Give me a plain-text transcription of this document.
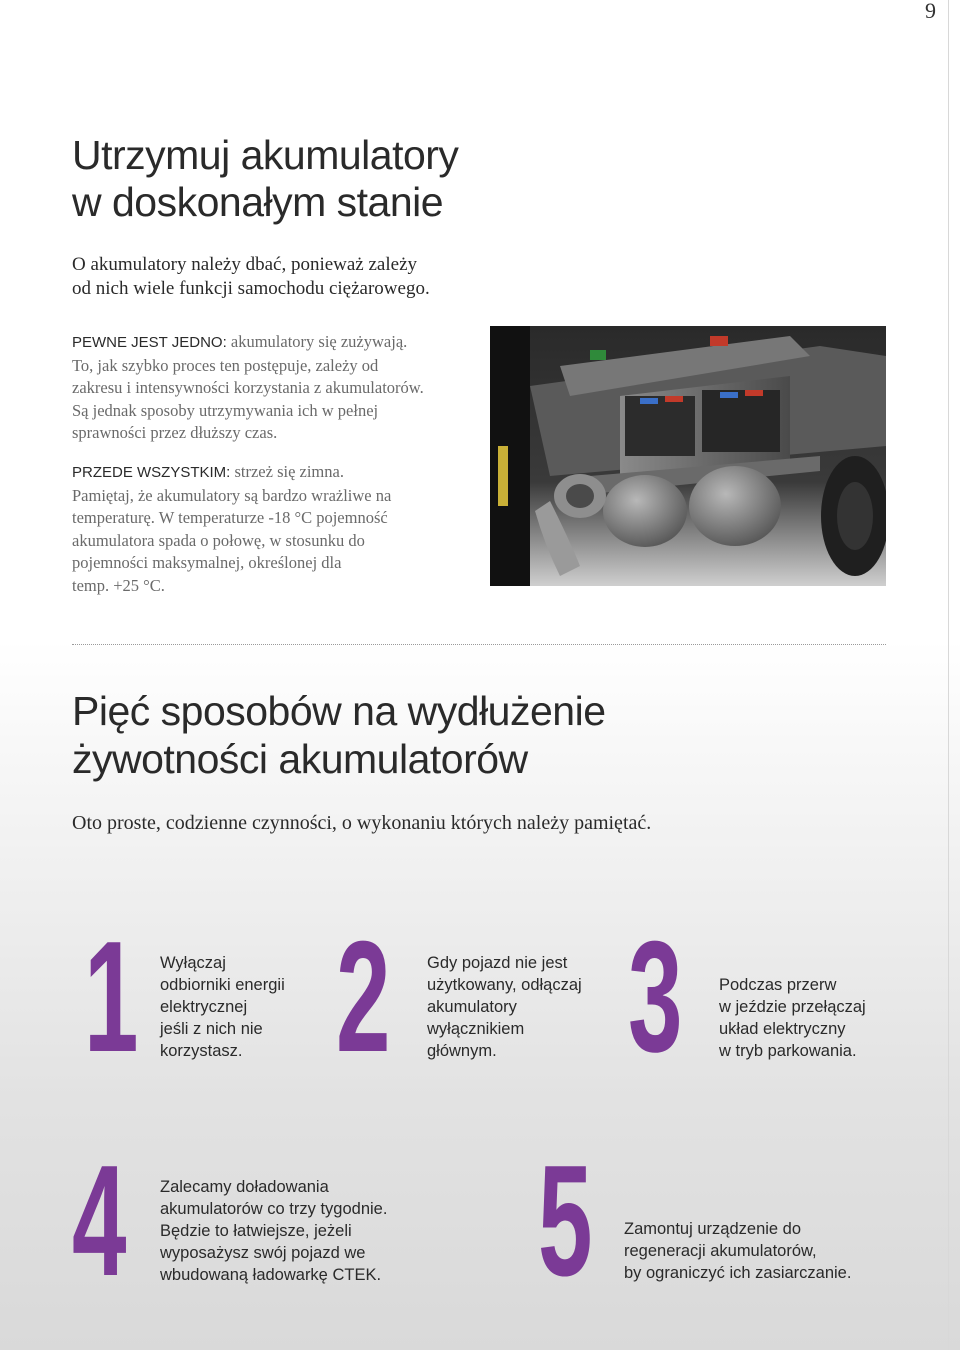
9
Utrzymuj akumulatory
w doskonałym stanie
O akumulatory należy dbać, ponieważ zależy
od nich wiele funkcji samochodu ciężarowego.
PEWNE JEST JEDNO: akumulatory się zużywają.
To, jak szybko proces ten postępuje, zależy od
zakresu i intensywności korzystania z akumulatorów.
Są jednak sposoby utrzymywania ich w pełnej
sprawności przez dłuższy czas.
PRZEDE WSZYSTKIM: strzeż się zimna.
Pamiętaj, że akumulatory są bardzo wrażliwe na
temperaturę. W temperaturze -18 °C pojemność
akumulatora spada o połowę, w stosunku do
pojemności maksymalnej, określonej dla
temp. +25 °C.
Pięć sposobów na wydłużenie
żywotności akumulatorów
Oto proste, codzienne czynności, o wykonaniu których należy pamiętać.
1 Wyłączaj
odbiorniki energii
elektrycznej
jeśli z nich nie
korzystasz. 2 Gdy pojazd nie jest
użytkowany, odłączaj
akumulatory
wyłącznikiem
głównym. 3 Podczas przerw
w jeździe przełączaj
układ elektryczny
w tryb parkowania.
4 Zalecamy doładowania
akumulatorów co trzy tygodnie.
Będzie to łatwiejsze, jeżeli
wyposażysz swój pojazd we
wbudowaną ładowarkę CTEK. 5 Zamontuj urządzenie do
regeneracji akumulatorów,
by ograniczyć ich zasiarczanie.
